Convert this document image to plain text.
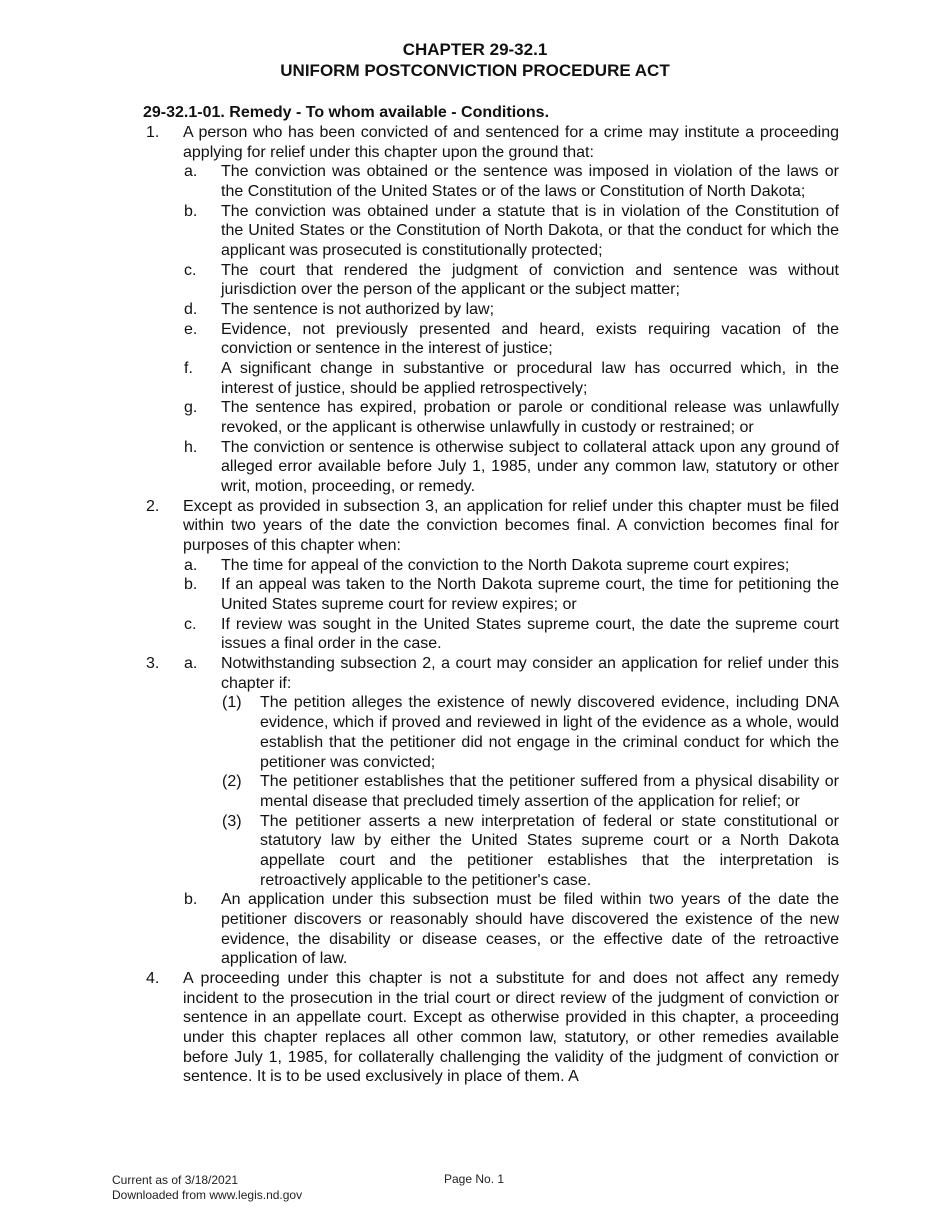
CHAPTER 29-32.1
UNIFORM POSTCONVICTION PROCEDURE ACT
29-32.1-01. Remedy - To whom available - Conditions.
1. A person who has been convicted of and sentenced for a crime may institute a proceeding applying for relief under this chapter upon the ground that:
a. The conviction was obtained or the sentence was imposed in violation of the laws or the Constitution of the United States or of the laws or Constitution of North Dakota;
b. The conviction was obtained under a statute that is in violation of the Constitution of the United States or the Constitution of North Dakota, or that the conduct for which the applicant was prosecuted is constitutionally protected;
c. The court that rendered the judgment of conviction and sentence was without jurisdiction over the person of the applicant or the subject matter;
d. The sentence is not authorized by law;
e. Evidence, not previously presented and heard, exists requiring vacation of the conviction or sentence in the interest of justice;
f. A significant change in substantive or procedural law has occurred which, in the interest of justice, should be applied retrospectively;
g. The sentence has expired, probation or parole or conditional release was unlawfully revoked, or the applicant is otherwise unlawfully in custody or restrained; or
h. The conviction or sentence is otherwise subject to collateral attack upon any ground of alleged error available before July 1, 1985, under any common law, statutory or other writ, motion, proceeding, or remedy.
2. Except as provided in subsection 3, an application for relief under this chapter must be filed within two years of the date the conviction becomes final. A conviction becomes final for purposes of this chapter when:
a. The time for appeal of the conviction to the North Dakota supreme court expires;
b. If an appeal was taken to the North Dakota supreme court, the time for petitioning the United States supreme court for review expires; or
c. If review was sought in the United States supreme court, the date the supreme court issues a final order in the case.
3. a. Notwithstanding subsection 2, a court may consider an application for relief under this chapter if:
(1) The petition alleges the existence of newly discovered evidence, including DNA evidence, which if proved and reviewed in light of the evidence as a whole, would establish that the petitioner did not engage in the criminal conduct for which the petitioner was convicted;
(2) The petitioner establishes that the petitioner suffered from a physical disability or mental disease that precluded timely assertion of the application for relief; or
(3) The petitioner asserts a new interpretation of federal or state constitutional or statutory law by either the United States supreme court or a North Dakota appellate court and the petitioner establishes that the interpretation is retroactively applicable to the petitioner's case.
b. An application under this subsection must be filed within two years of the date the petitioner discovers or reasonably should have discovered the existence of the new evidence, the disability or disease ceases, or the effective date of the retroactive application of law.
4. A proceeding under this chapter is not a substitute for and does not affect any remedy incident to the prosecution in the trial court or direct review of the judgment of conviction or sentence in an appellate court. Except as otherwise provided in this chapter, a proceeding under this chapter replaces all other common law, statutory, or other remedies available before July 1, 1985, for collaterally challenging the validity of the judgment of conviction or sentence. It is to be used exclusively in place of them. A
Current as of 3/18/2021
Downloaded from www.legis.nd.gov
Page No. 1
